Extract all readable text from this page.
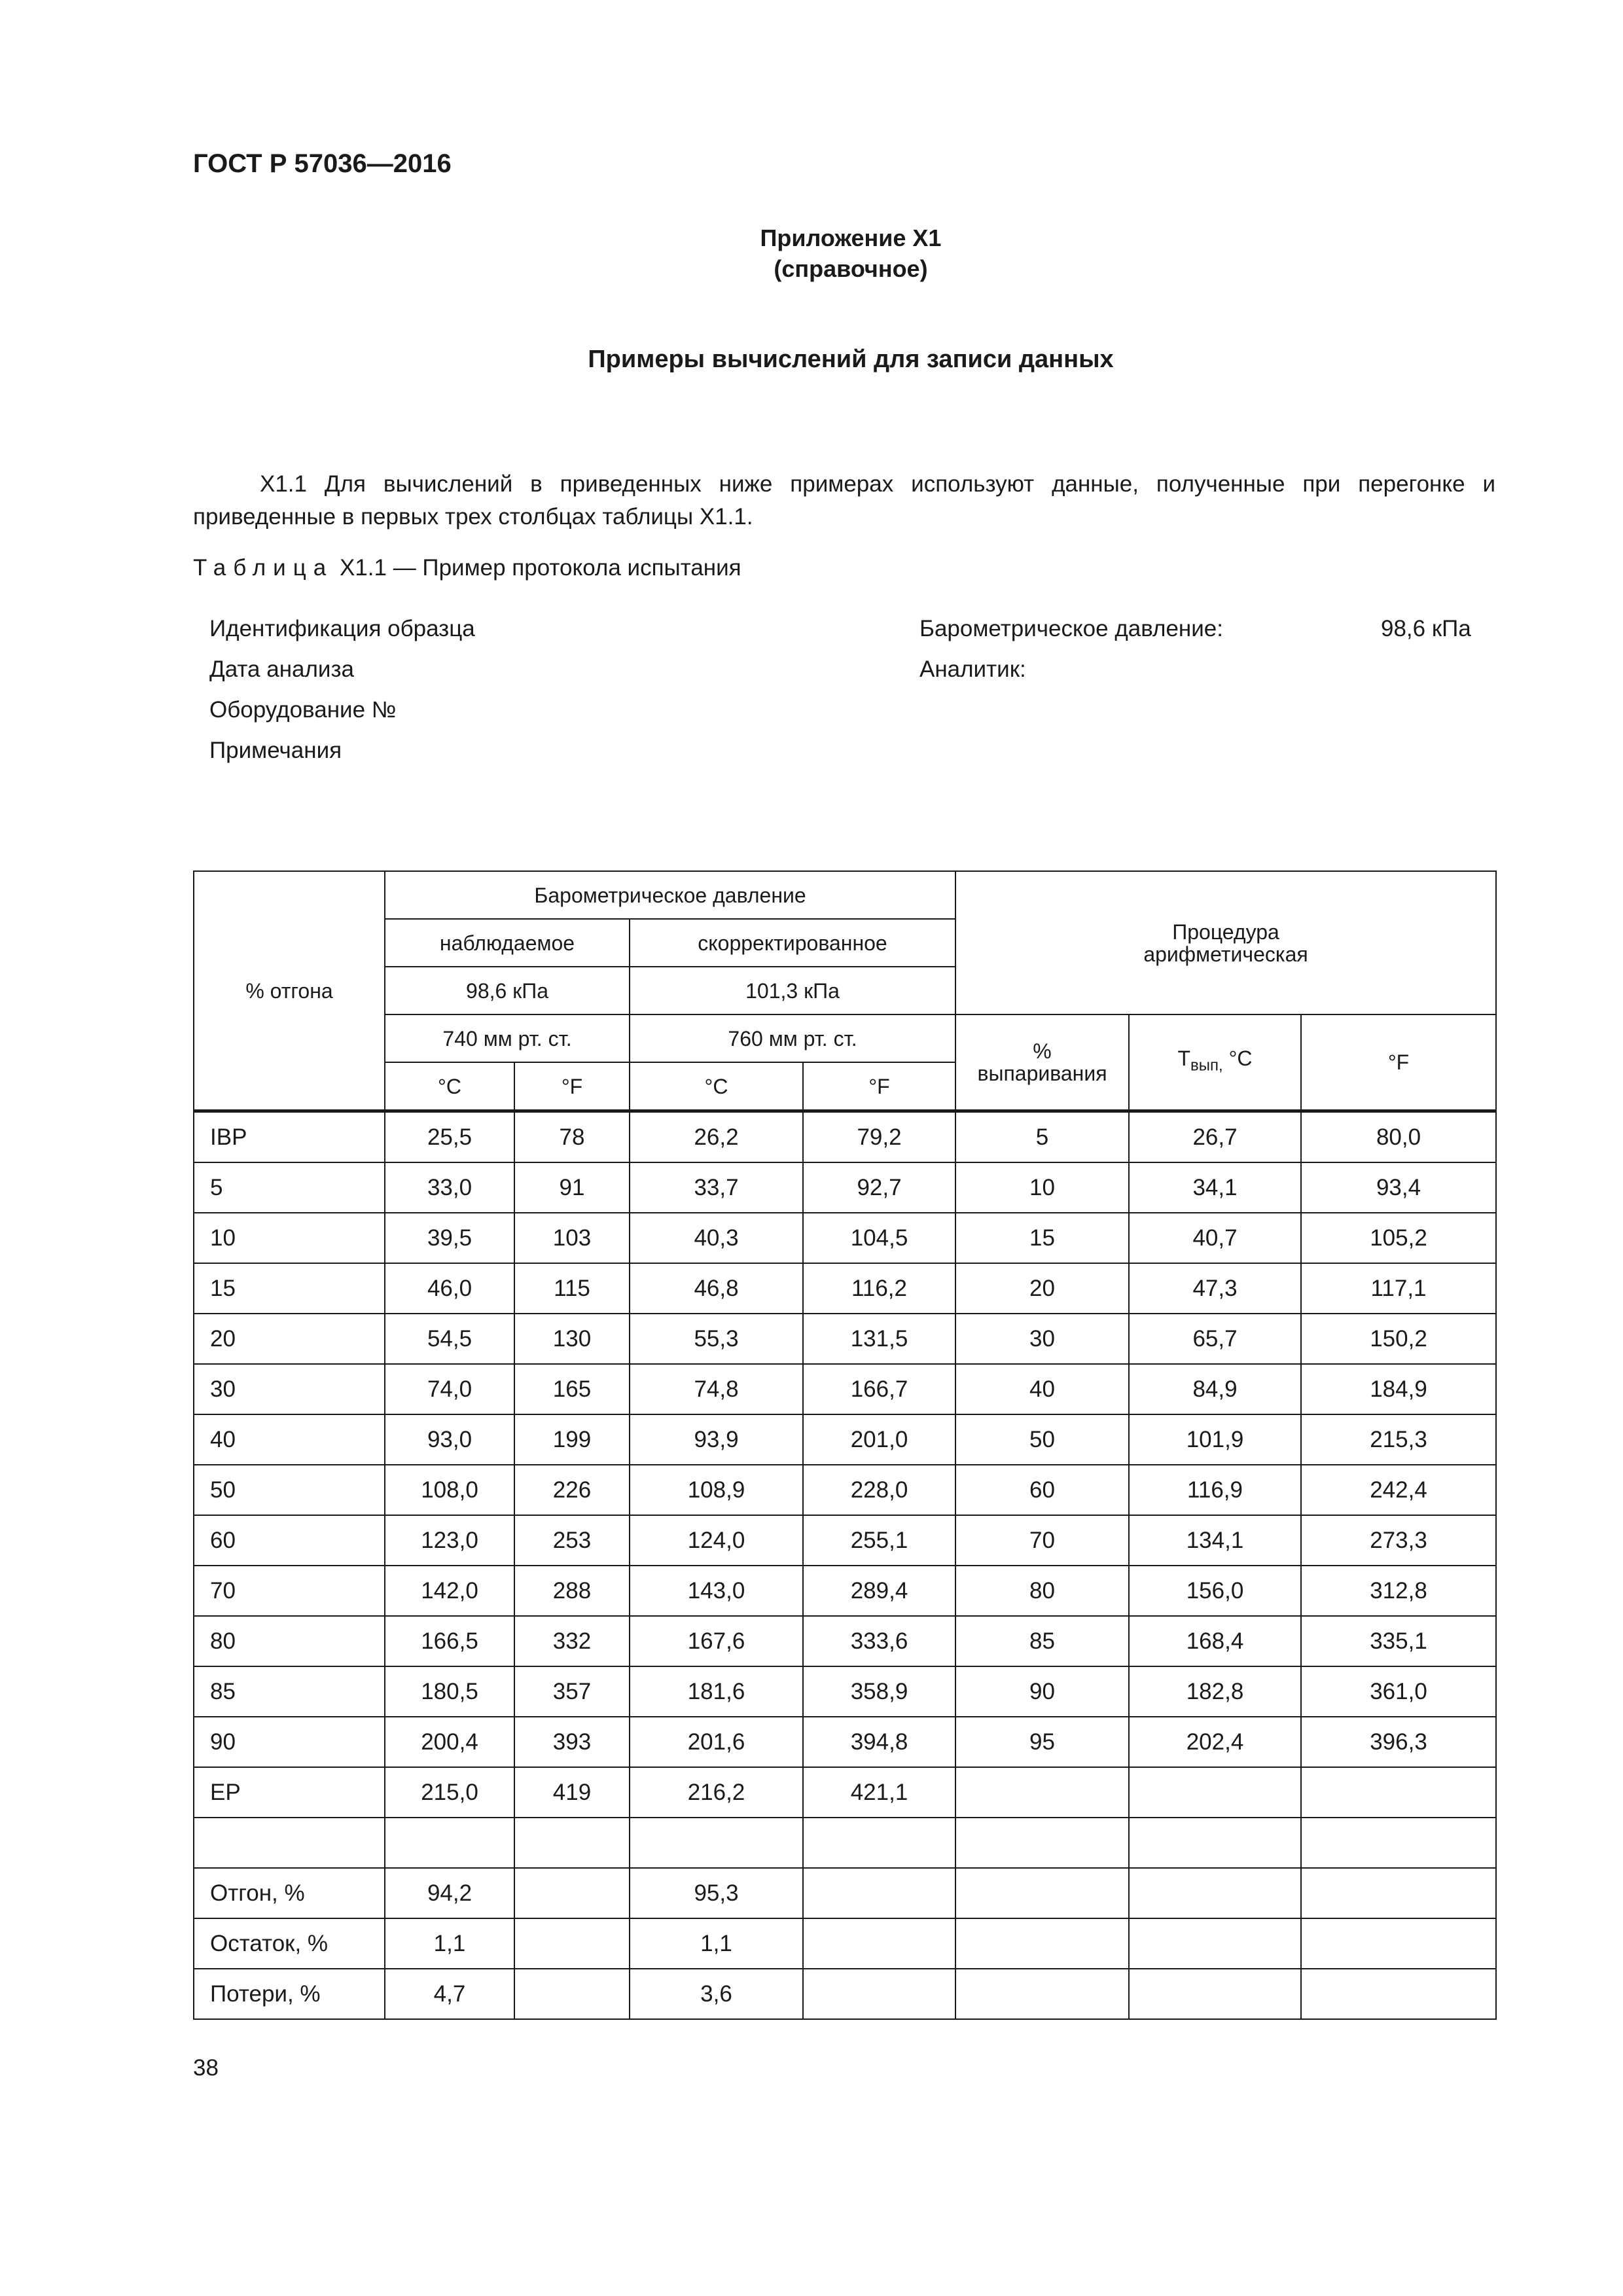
ГОСТ Р 57036—2016
Приложение Х1
(справочное)
Примеры вычислений для записи данных
Х1.1 Для вычислений в приведенных ниже примерах используют данные, полученные при перегонке и приведенные в первых трех столбцах таблицы Х1.1.
Таблица Х1.1 — Пример протокола испытания
Идентификация образца
Дата анализа
Оборудование №
Примечания
Барометрическое давление:	98,6 кПа
Аналитик:
% отгона	Барометрическое давление				Процедура арифметическая		
	наблюдаемое		скорректированное				
	98,6 кПа		101,3 кПа				
	740 мм рт. ст.		760 мм рт. ст.		% выпаривания	$Т_{вып,}$ °C	°F
	°C	°F	°C	°F			
IBP	25,5	78	26,2	79,2	5	26,7	80,0
5	33,0	91	33,7	92,7	10	34,1	93,4
10	39,5	103	40,3	104,5	15	40,7	105,2
15	46,0	115	46,8	116,2	20	47,3	117,1
20	54,5	130	55,3	131,5	30	65,7	150,2
30	74,0	165	74,8	166,7	40	84,9	184,9
40	93,0	199	93,9	201,0	50	101,9	215,3
50	108,0	226	108,9	228,0	60	116,9	242,4
60	123,0	253	124,0	255,1	70	134,1	273,3
70	142,0	288	143,0	289,4	80	156,0	312,8
80	166,5	332	167,6	333,6	85	168,4	335,1
85	180,5	357	181,6	358,9	90	182,8	361,0
90	200,4	393	201,6	394,8	95	202,4	396,3
EP	215,0	419	216,2	421,1			

Отгон, %	94,2		95,3				
Остаток, %	1,1		1,1				
Потери, %	4,7		3,6				
38
